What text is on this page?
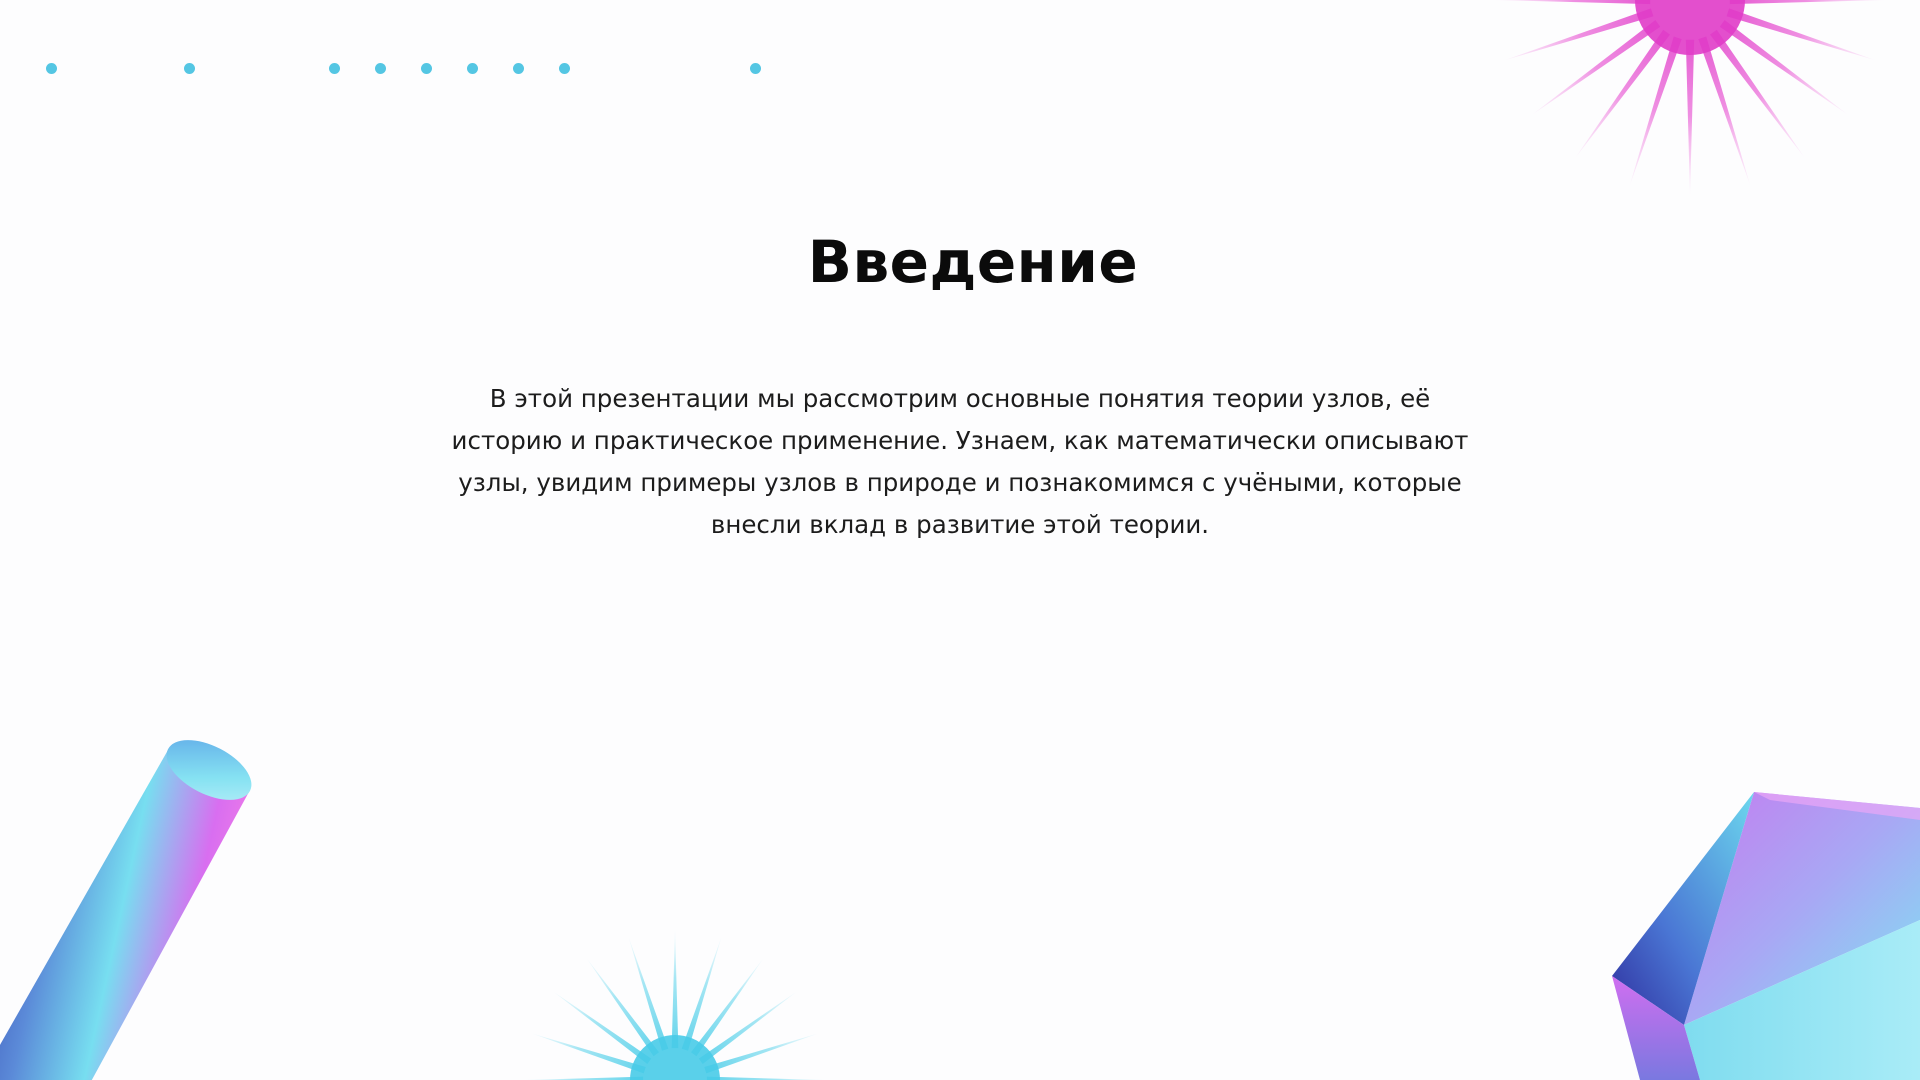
Введение
В этой презентации мы рассмотрим основные понятия теории узлов, её историю и практическое применение. Узнаем, как математически описывают узлы, увидим примеры узлов в природе и познакомимся с учёными, которые внесли вклад в развитие этой теории.
